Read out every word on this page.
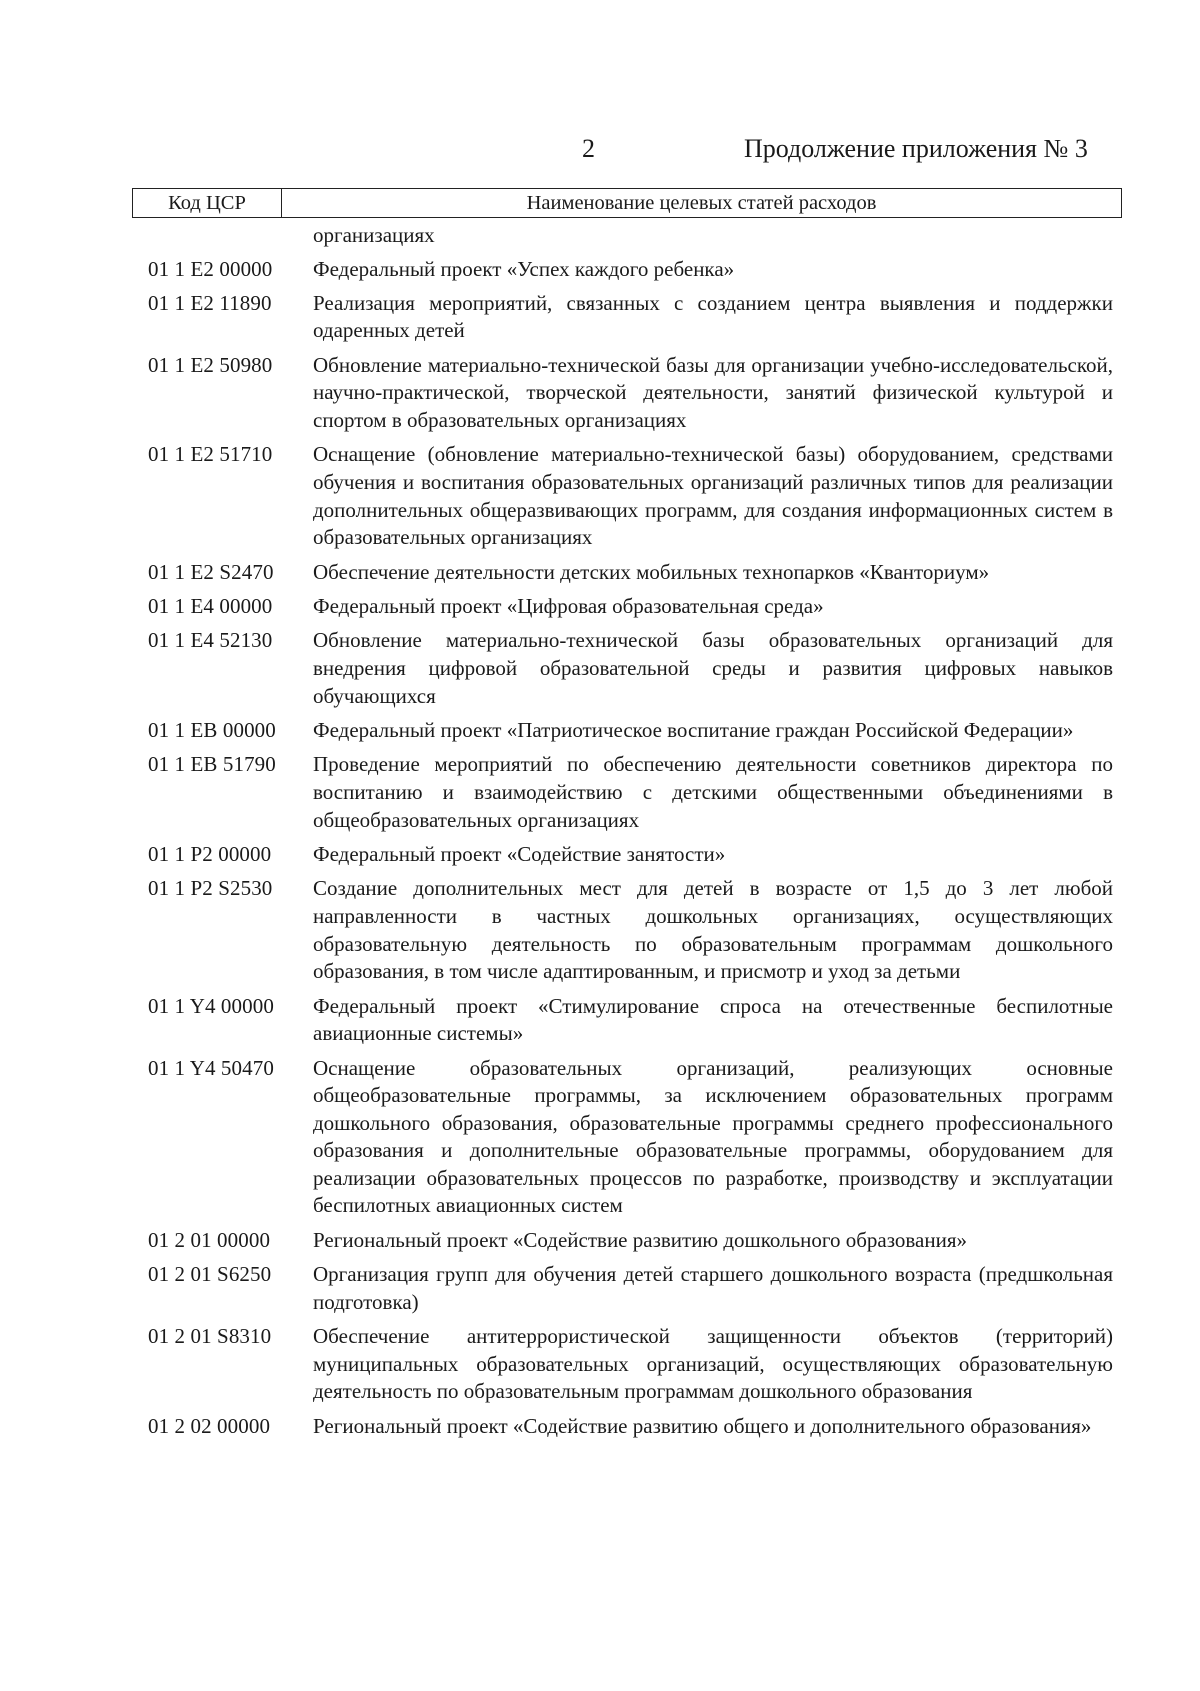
2	Продолжение приложения № 3
Код ЦСР	Наименование целевых статей расходов
организациях
01 1 E2 00000	Федеральный проект «Успех каждого ребенка»
01 1 E2 11890	Реализация мероприятий, связанных с созданием центра выявления и поддержки одаренных детей
01 1 E2 50980	Обновление материально-технической базы для организации учебно-исследовательской, научно-практической, творческой деятельности, занятий физической культурой и спортом в образовательных организациях
01 1 E2 51710	Оснащение (обновление материально-технической базы) оборудованием, средствами обучения и воспитания образовательных организаций различных типов для реализации дополнительных общеразвивающих программ, для создания информационных систем в образовательных организациях
01 1 E2 S2470	Обеспечение деятельности детских мобильных технопарков «Кванториум»
01 1 E4 00000	Федеральный проект «Цифровая образовательная среда»
01 1 E4 52130	Обновление материально-технической базы образовательных организаций для внедрения цифровой образовательной среды и развития цифровых навыков обучающихся
01 1 EB 00000	Федеральный проект «Патриотическое воспитание граждан Российской Федерации»
01 1 EB 51790	Проведение мероприятий по обеспечению деятельности советников директора по воспитанию и взаимодействию с детскими общественными объединениями в общеобразовательных организациях
01 1 P2 00000	Федеральный проект «Содействие занятости»
01 1 P2 S2530	Создание дополнительных мест для детей в возрасте от 1,5 до 3 лет любой направленности в частных дошкольных организациях, осуществляющих образовательную деятельность по образовательным программам дошкольного образования, в том числе адаптированным, и присмотр и уход за детьми
01 1 Y4 00000	Федеральный проект «Стимулирование спроса на отечественные беспилотные авиационные системы»
01 1 Y4 50470	Оснащение образовательных организаций, реализующих основные общеобразовательные программы, за исключением образовательных программ дошкольного образования, образовательные программы среднего профессионального образования и дополнительные образовательные программы, оборудованием для реализации образовательных процессов по разработке, производству и эксплуатации беспилотных авиационных систем
01 2 01 00000	Региональный проект «Содействие развитию дошкольного образования»
01 2 01 S6250	Организация групп для обучения детей старшего дошкольного возраста (предшкольная подготовка)
01 2 01 S8310	Обеспечение антитеррористической защищенности объектов (территорий) муниципальных образовательных организаций, осуществляющих образовательную деятельность по образовательным программам дошкольного образования
01 2 02 00000	Региональный проект «Содействие развитию общего и дополнительного образования»
